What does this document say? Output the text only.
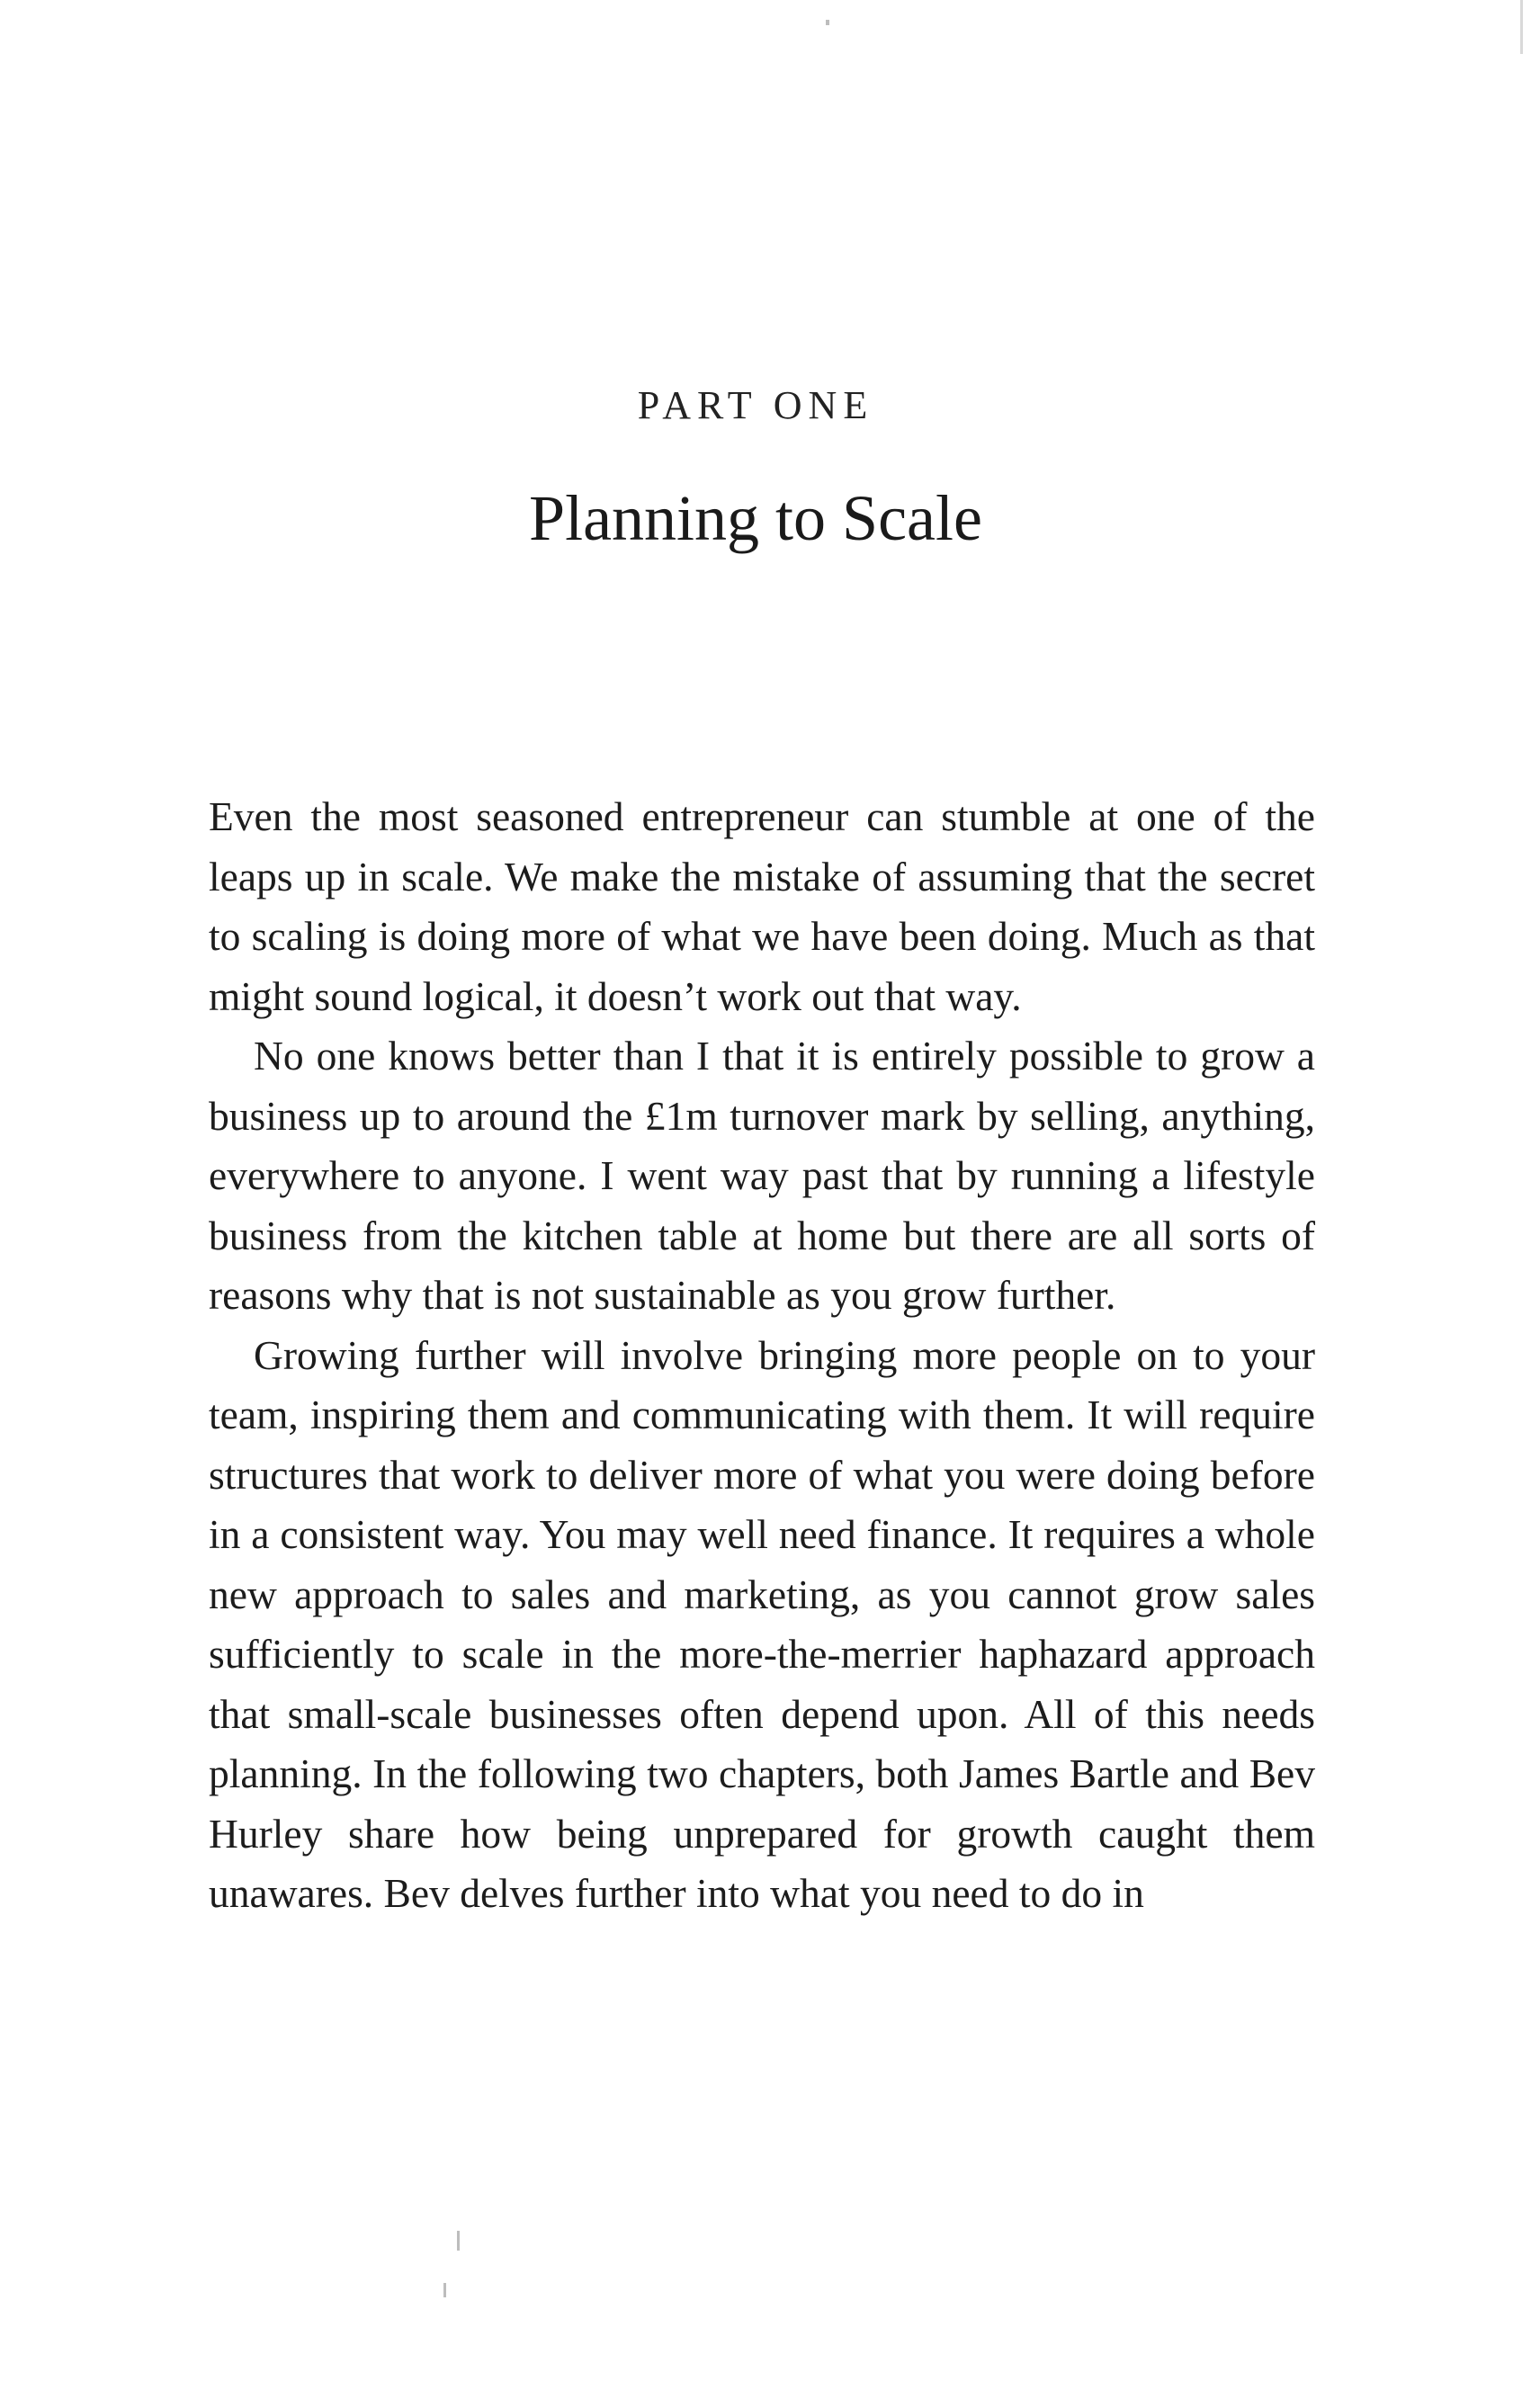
PART ONE
Planning to Scale

Even the most seasoned entrepreneur can stumble at one of the leaps up in scale. We make the mistake of assuming that the secret to scaling is doing more of what we have been doing. Much as that might sound logical, it doesn’t work out that way.

No one knows better than I that it is entirely possible to grow a business up to around the £1m turnover mark by selling, anything, everywhere to anyone. I went way past that by running a lifestyle business from the kitchen table at home but there are all sorts of reasons why that is not sustainable as you grow further.

Growing further will involve bringing more people on to your team, inspiring them and communicating with them. It will require structures that work to deliver more of what you were doing before in a consistent way. You may well need finance. It requires a whole new approach to sales and marketing, as you cannot grow sales sufficiently to scale in the more-the-merrier haphazard approach that small-scale businesses often depend upon. All of this needs planning. In the following two chapters, both James Bartle and Bev Hurley share how being unprepared for growth caught them unawares. Bev delves further into what you need to do in
